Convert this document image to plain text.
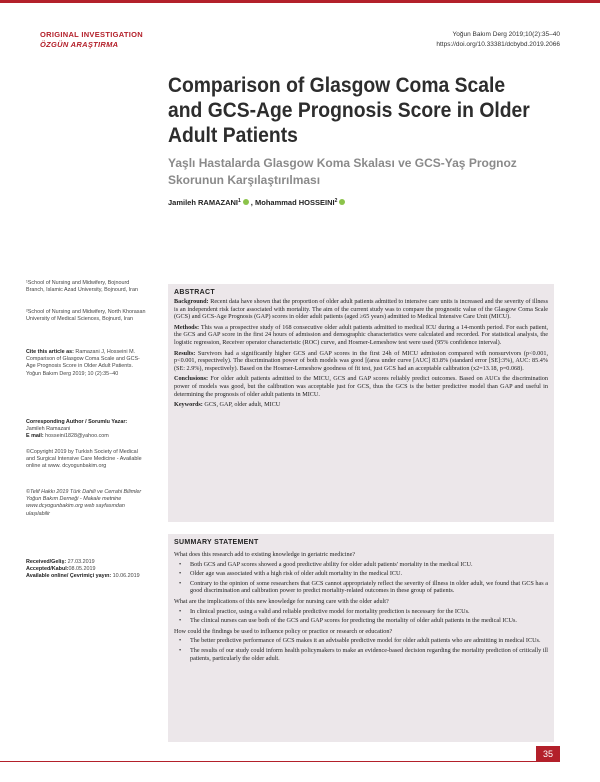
ORIGINAL INVESTIGATION
ÖZGÜN ARAŞTIRMA
Yoğun Bakım Derg 2019;10(2):35–40
https://doi.org/10.33381/dcbybd.2019.2066
Comparison of Glasgow Coma Scale and GCS-Age Prognosis Score in Older Adult Patients
Yaşlı Hastalarda Glasgow Koma Skalası ve GCS-Yaş Prognoz Skorunun Karşılaştırılması
Jamileh RAMAZANI$^1$ , Mohammad HOSSEINI$^2$
¹School of Nursing and Midwifery, Bojnourd Branch, Islamic Azad University, Bojnourd, Iran
²School of Nursing and Midwifery, North Khorasan University of Medical Sciences, Bojnurd, Iran
Cite this article as: Ramazani J, Hosseini M. Comparison of Glasgow Coma Scale and GCS-Age Prognosis Score in Older Adult Patients. Yoğun Bakım Derg 2019; 10 (2):35−40
Corresponding Author / Sorumlu Yazar: Jamileh Ramazani
E mail: hosseini1828@yahoo.com
©Copyright 2019 by Turkish Society of Medical and Surgical Intensive Care Medicine - Available online at www. dcyogunbakim.org
©Telif Hakkı 2019 Türk Dahili ve Cerrahi Bilimler Yoğun Bakım Derneği - Makale metnine www.dcyogunbakim.org web sayfasından ulaşılabilir
Received/Geliş: 27.03.2019
Accepted/Kabul:08.05.2019
Available online/ Çevrimiçi yayın: 10.06.2019
ABSTRACT

Background: Recent data have shown that the proportion of older adult patients admitted to intensive care units is increased and the severity of illness is an independent risk factor associated with mortality. The aim of the current study was to compare the prognostic value of the Glasgow Coma Scale (GCS) and GCS-Age Prognosis (GAP) scores in older adult patients (aged ≥65 years) admitted to Medical Intensive Care Unit (MICU).

Methods: This was a prospective study of 168 consecutive older adult patients admitted to medical ICU during a 14-month period. For each patient, the GCS and GAP score in the first 24 hours of admission and demographic characteristics were calculated and recorded. For statistical analysis, the logistic regression, Receiver operator characteristic (ROC) curve, and Hosmer-Lemeshow test were used (95% confidence interval).

Results: Survivors had a significantly higher GCS and GAP scores in the first 24h of MICU admission compared with nonsurvivors (p<0.001, p<0.001, respectively). The discrimination power of both models was good [(area under curve [AUC] 83.8% (standard error [SE]:3%), AUC: 85.4% (SE: 2.9%), respectively). Based on the Hosmer-Lemeshow goodness of fit test, just GCS had an acceptable calibration (x2=13.18, p=0.068).

Conclusions: For older adult patients admitted to the MICU, GCS and GAP scores reliably predict outcomes. Based on AUCs the discrimination power of models was good, but the calibration was acceptable just for GCS, thus the GCS is the better predictive model than GAP and useful in determining the prognosis of older adult patients in MICU.

Keywords: GCS, GAP, older adult, MICU

SUMMARY STATEMENT
What does this research add to existing knowledge in geriatric medicine?
• Both GCS and GAP scores showed a good predictive ability for older adult patients' mortality in the medical ICU.
• Older age was associated with a high risk of older adult mortality in the medical ICU.
• Contrary to the opinion of some researchers that GCS cannot appropriately reflect the severity of illness in older adult, we found that GCS has a good discrimination and calibration power to predict mortality-related outcomes in these group of patients.
What are the implications of this new knowledge for nursing care with the older adult?
• In clinical practice, using a valid and reliable predictive model for mortality prediction is necessary for the ICUs.
• The clinical nurses can use both of the GCS and GAP scores for predicting the mortality of older adult patients in the medical ICUs.
How could the findings be used to influence policy or practice or research or education?
• The better predictive performance of GCS makes it an advisable predictive model for older adult patients who are admitting in medical ICUs.
• The results of our study could inform health policymakers to make an evidence-based decision regarding the mortality prediction of critically ill patients, particularly the older adult.
35
